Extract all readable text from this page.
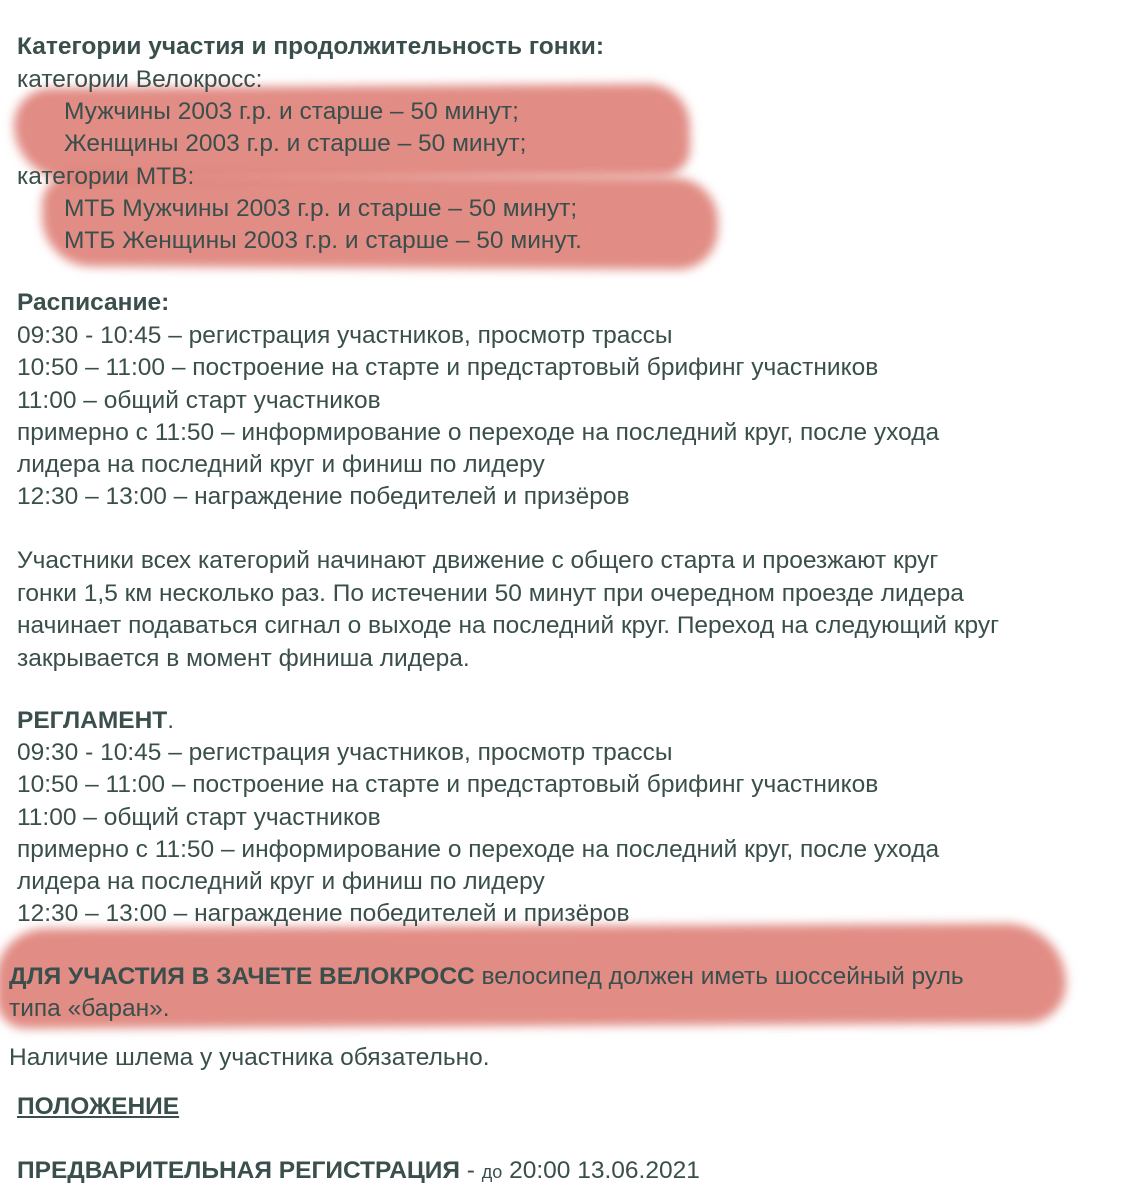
Категории участия и продолжительность гонки:
категории Велокросс:
Мужчины 2003 г.р. и старше – 50 минут;
Женщины 2003 г.р. и старше – 50 минут;
категории МТВ:
МТБ Мужчины 2003 г.р. и старше – 50 минут;
МТБ Женщины 2003 г.р. и старше – 50 минут.
Расписание:
09:30 - 10:45 – регистрация участников, просмотр трассы
10:50 – 11:00 – построение на старте и предстартовый брифинг участников
11:00 – общий старт участников
примерно с 11:50 – информирование о переходе на последний круг, после ухода
лидера на последний круг и финиш по лидеру
12:30 – 13:00 – награждение победителей и призёров
Участники всех категорий начинают движение с общего старта и проезжают круг
гонки 1,5 км несколько раз. По истечении 50 минут при очередном проезде лидера
начинает подаваться сигнал о выходе на последний круг. Переход на следующий круг
закрывается в момент финиша лидера.
РЕГЛАМЕНТ.
09:30 - 10:45 – регистрация участников, просмотр трассы
10:50 – 11:00 – построение на старте и предстартовый брифинг участников
11:00 – общий старт участников
примерно с 11:50 – информирование о переходе на последний круг, после ухода
лидера на последний круг и финиш по лидеру
12:30 – 13:00 – награждение победителей и призёров
ДЛЯ УЧАСТИЯ В ЗАЧЕТЕ ВЕЛОКРОСС велосипед должен иметь шоссейный руль
типа «баран».
Наличие шлема у участника обязательно.
ПОЛОЖЕНИЕ
ПРЕДВАРИТЕЛЬНАЯ РЕГИСТРАЦИЯ - до 20:00 13.06.2021
